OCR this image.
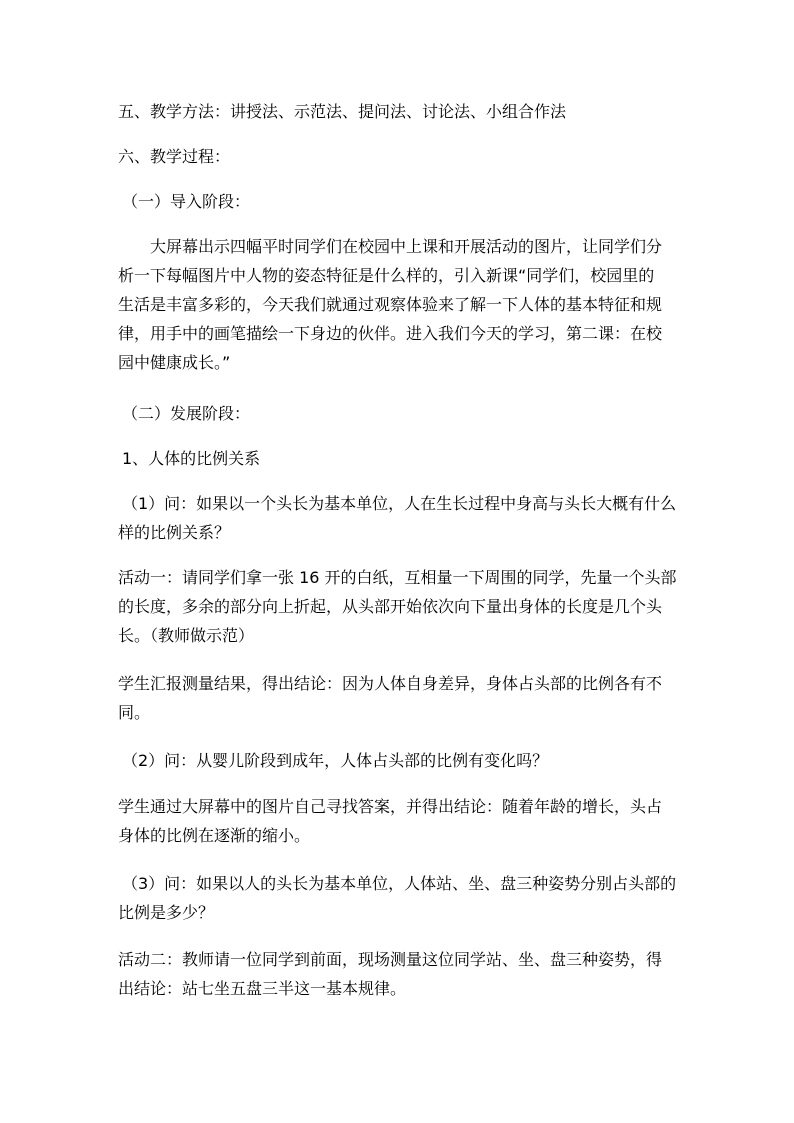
五、教学方法：讲授法、示范法、提问法、讨论法、小组合作法
六、教学过程：
（一）导入阶段：
大屏幕出示四幅平时同学们在校园中上课和开展活动的图片，让同学们分
析一下每幅图片中人物的姿态特征是什么样的，引入新课“同学们，校园里的
生活是丰富多彩的，今天我们就通过观察体验来了解一下人体的基本特征和规
律，用手中的画笔描绘一下身边的伙伴。进入我们今天的学习，第二课：在校
园中健康成长。”
（二）发展阶段：
1、人体的比例关系
（1）问：如果以一个头长为基本单位，人在生长过程中身高与头长大概有什么
样的比例关系？
活动一：请同学们拿一张 16 开的白纸，互相量一下周围的同学，先量一个头部
的长度，多余的部分向上折起，从头部开始依次向下量出身体的长度是几个头
长。（教师做示范）
学生汇报测量结果，得出结论：因为人体自身差异，身体占头部的比例各有不
同。
（2）问：从婴儿阶段到成年，人体占头部的比例有变化吗？
学生通过大屏幕中的图片自己寻找答案，并得出结论：随着年龄的增长，头占
身体的比例在逐渐的缩小。
（3）问：如果以人的头长为基本单位，人体站、坐、盘三种姿势分别占头部的
比例是多少？
活动二：教师请一位同学到前面，现场测量这位同学站、坐、盘三种姿势，得
出结论：站七坐五盘三半这一基本规律。
